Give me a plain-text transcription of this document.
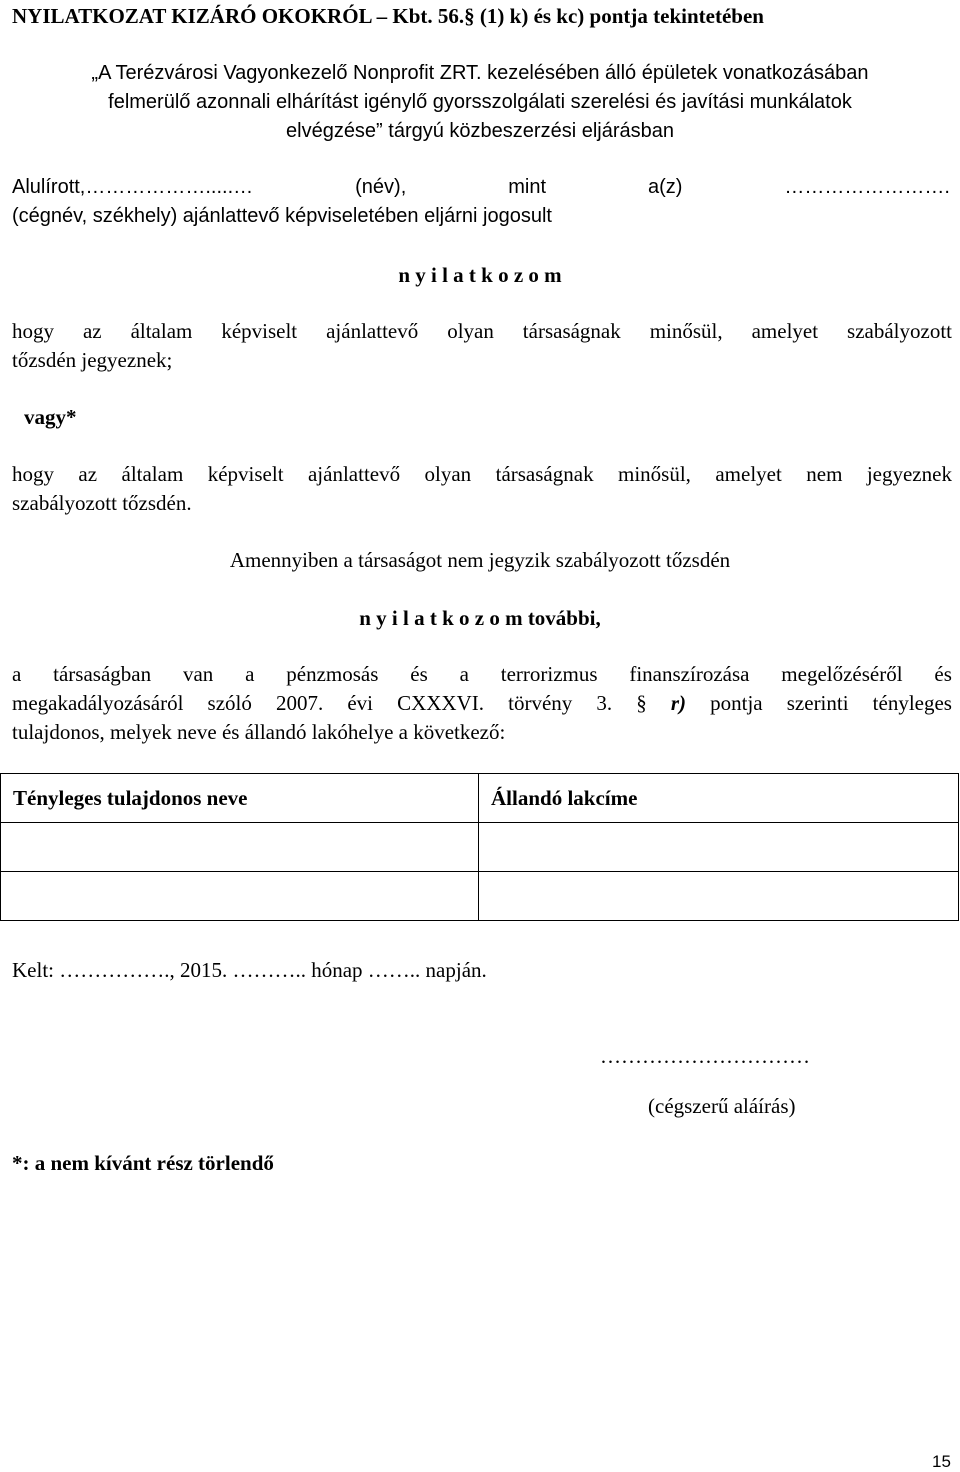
NYILATKOZAT KIZÁRÓ OKOKRÓL – Kbt. 56.§ (1) k) és kc) pontja tekintetében
„A Terézvárosi Vagyonkezelő Nonprofit ZRT. kezelésében álló épületek vonatkozásában
felmerülő azonnali elhárítást igénylő gyorsszolgálati szerelési és javítási munkálatok
elvégzése” tárgyú közbeszerzési eljárásban
Alulírott,……………….....…	(név),	mint	a(z)	…………………….
(cégnév, székhely) ajánlattevő képviseletében eljárni jogosult
n y i l a t k o z o m
hogy az általam képviselt ajánlattevő olyan társaságnak minősül, amelyet szabályozott
tőzsdén jegyeznek;
vagy*
hogy az általam képviselt ajánlattevő olyan társaságnak minősül, amelyet nem jegyeznek
szabályozott tőzsdén.
Amennyiben a társaságot nem jegyzik szabályozott tőzsdén
n y i l a t k o z o m további,
a társaságban van a pénzmosás és a terrorizmus finanszírozása megelőzéséről és
megakadályozásáról szóló 2007. évi CXXXVI. törvény 3. § r) pontja szerinti tényleges
tulajdonos, melyek neve és állandó lakóhelye a következő:
Tényleges tulajdonos neve	Állandó lakcíme

Kelt: ……………., 2015. ……….. hónap …….. napján.
…………………………
(cégszerű aláírás)
*: a nem kívánt rész törlendő
15
